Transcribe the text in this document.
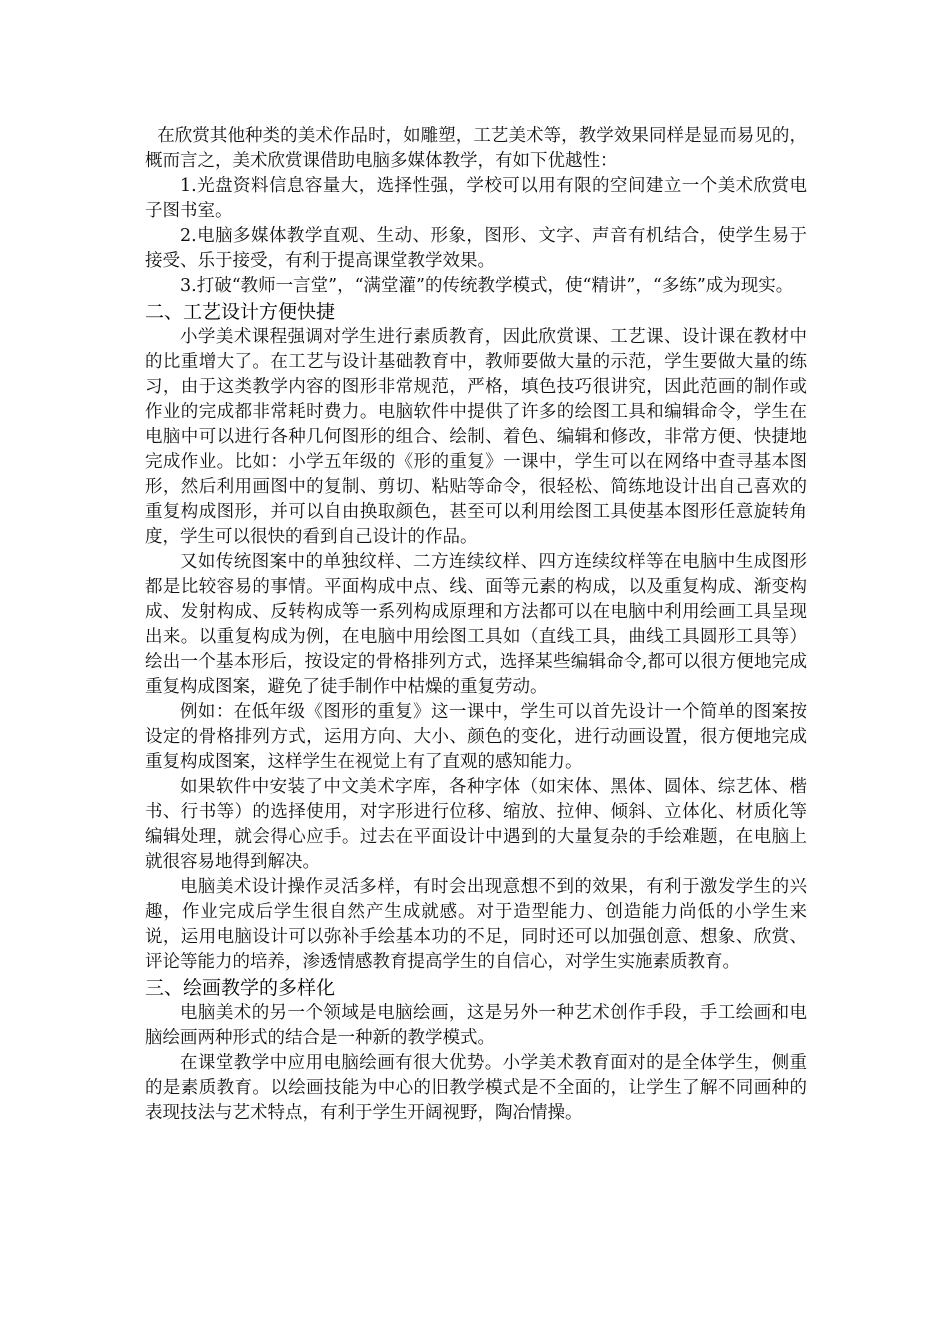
在欣赏其他种类的美术作品时，如雕塑，工艺美术等，教学效果同样是显而易见的，概而言之，美术欣赏课借助电脑多媒体教学，有如下优越性：

1.光盘资料信息容量大，选择性强，学校可以用有限的空间建立一个美术欣赏电子图书室。

2.电脑多媒体教学直观、生动、形象，图形、文字、声音有机结合，使学生易于接受、乐于接受，有利于提高课堂教学效果。

3.打破“教师一言堂”，“满堂灌”的传统教学模式，使“精讲”，“多练”成为现实。

二、工艺设计方便快捷

小学美术课程强调对学生进行素质教育，因此欣赏课、工艺课、设计课在教材中的比重增大了。在工艺与设计基础教育中，教师要做大量的示范，学生要做大量的练习，由于这类教学内容的图形非常规范，严格，填色技巧很讲究，因此范画的制作或作业的完成都非常耗时费力。电脑软件中提供了许多的绘图工具和编辑命令，学生在电脑中可以进行各种几何图形的组合、绘制、着色、编辑和修改，非常方便、快捷地完成作业。比如：小学五年级的《形的重复》一课中，学生可以在网络中查寻基本图形，然后利用画图中的复制、剪切、粘贴等命令，很轻松、简练地设计出自己喜欢的重复构成图形，并可以自由换取颜色，甚至可以利用绘图工具使基本图形任意旋转角度，学生可以很快的看到自己设计的作品。

又如传统图案中的单独纹样、二方连续纹样、四方连续纹样等在电脑中生成图形都是比较容易的事情。平面构成中点、线、面等元素的构成，以及重复构成、渐变构成、发射构成、反转构成等一系列构成原理和方法都可以在电脑中利用绘画工具呈现出来。以重复构成为例，在电脑中用绘图工具如（直线工具，曲线工具圆形工具等）绘出一个基本形后，按设定的骨格排列方式，选择某些编辑命令,都可以很方便地完成重复构成图案，避免了徒手制作中枯燥的重复劳动。

例如：在低年级《图形的重复》这一课中，学生可以首先设计一个简单的图案按设定的骨格排列方式，运用方向、大小、颜色的变化，进行动画设置，很方便地完成重复构成图案，这样学生在视觉上有了直观的感知能力。

如果软件中安装了中文美术字库，各种字体（如宋体、黑体、圆体、综艺体、楷书、行书等）的选择使用，对字形进行位移、缩放、拉伸、倾斜、立体化、材质化等编辑处理，就会得心应手。过去在平面设计中遇到的大量复杂的手绘难题，在电脑上就很容易地得到解决。

电脑美术设计操作灵活多样，有时会出现意想不到的效果，有利于激发学生的兴趣，作业完成后学生很自然产生成就感。对于造型能力、创造能力尚低的小学生来说，运用电脑设计可以弥补手绘基本功的不足，同时还可以加强创意、想象、欣赏、评论等能力的培养，渗透情感教育提高学生的自信心，对学生实施素质教育。

三、绘画教学的多样化

电脑美术的另一个领域是电脑绘画，这是另外一种艺术创作手段，手工绘画和电脑绘画两种形式的结合是一种新的教学模式。

在课堂教学中应用电脑绘画有很大优势。小学美术教育面对的是全体学生，侧重的是素质教育。以绘画技能为中心的旧教学模式是不全面的，让学生了解不同画种的表现技法与艺术特点，有利于学生开阔视野，陶冶情操。
